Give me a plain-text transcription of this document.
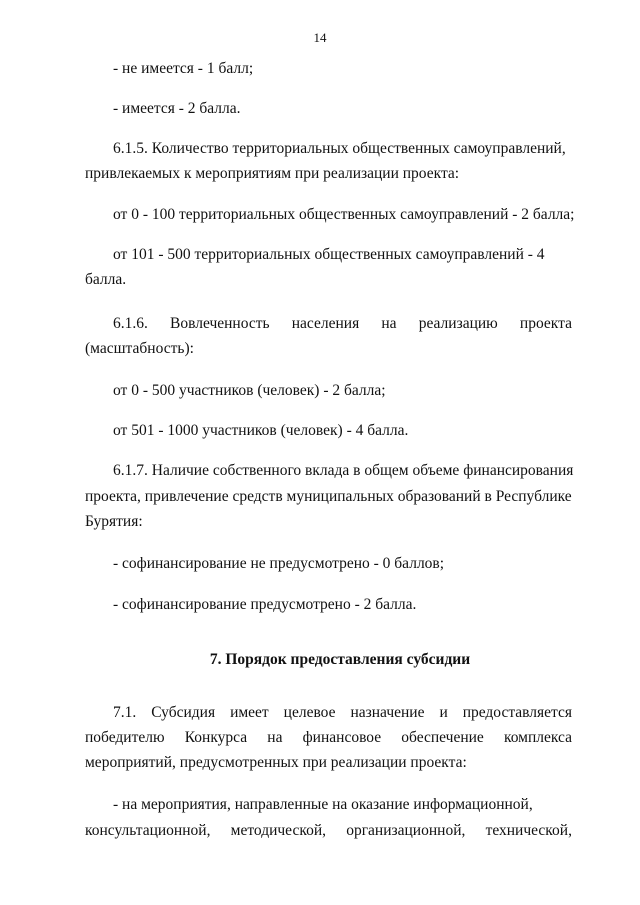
14
- не имеется - 1 балл;
- имеется - 2 балла.
6.1.5. Количество территориальных общественных самоуправлений,
привлекаемых к мероприятиям при реализации проекта:
от 0 - 100 территориальных общественных самоуправлений - 2 балла;
от 101 - 500 территориальных общественных самоуправлений - 4
балла.
6.1.6. Вовлеченность населения на реализацию проекта
(масштабность):
от 0 - 500 участников (человек) - 2 балла;
от 501 - 1000 участников (человек) - 4 балла.
6.1.7. Наличие собственного вклада в общем объеме финансирования
проекта, привлечение средств муниципальных образований в Республике
Бурятия:
- софинансирование не предусмотрено - 0 баллов;
- софинансирование предусмотрено - 2 балла.
7. Порядок предоставления субсидии
7.1. Субсидия имеет целевое назначение и предоставляется
победителю Конкурса на финансовое обеспечение комплекса
мероприятий, предусмотренных при реализации проекта:
- на мероприятия, направленные на оказание информационной,
консультационной, методической, организационной, технической,
